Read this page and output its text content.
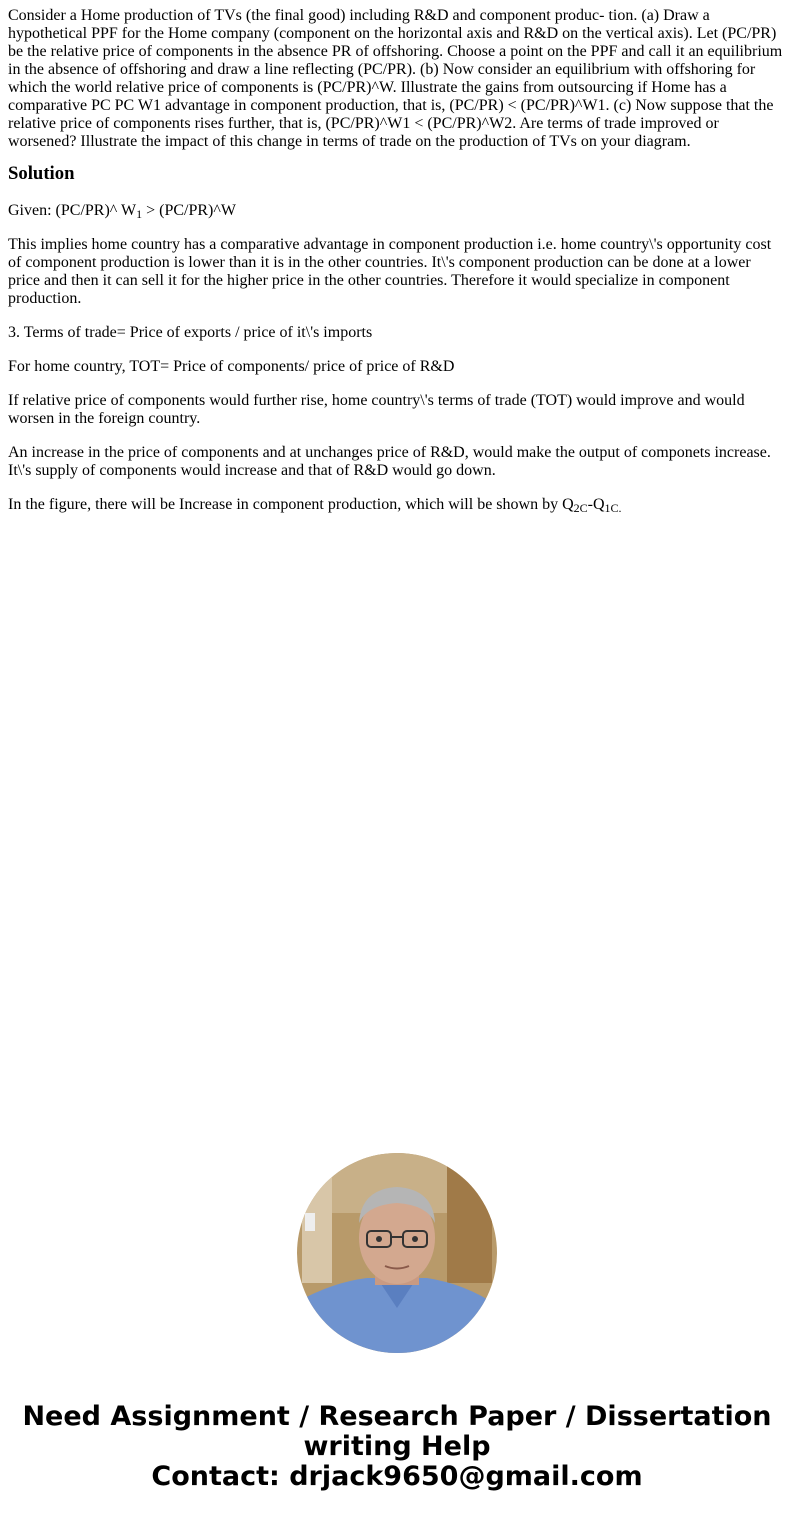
Consider a Home production of TVs (the final good) including R&D and component produc- tion. (a) Draw a hypothetical PPF for the Home company (component on the horizontal axis and R&D on the vertical axis). Let (PC/PR) be the relative price of components in the absence PR of offshoring. Choose a point on the PPF and call it an equilibrium in the absence of offshoring and draw a line reflecting (PC/PR). (b) Now consider an equilibrium with offshoring for which the world relative price of components is (PC/PR)^W. Illustrate the gains from outsourcing if Home has a comparative PC PC W1 advantage in component production, that is, (PC/PR) < (PC/PR)^W1. (c) Now suppose that the relative price of components rises further, that is, (PC/PR)^W1 < (PC/PR)^W2. Are terms of trade improved or worsened? Illustrate the impact of this change in terms of trade on the production of TVs on your diagram.

Solution

Given: (PC/PR)^ $W_1$ > (PC/PR)^W

This implies home country has a comparative advantage in component production i.e. home country\'s opportunity cost of component production is lower than it is in the other countries. It\'s component production can be done at a lower price and then it can sell it for the higher price in the other countries. Therefore it would specialize in component production.

3. Terms of trade= Price of exports / price of it\'s imports

For home country, TOT= Price of components/ price of price of R&D

If relative price of components would further rise, home country\'s terms of trade (TOT) would improve and would worsen in the foreign country.

An increase in the price of components and at unchanges price of R&D, would make the output of componets increase. It\'s supply of components would increase and that of R&D would go down.

In the figure, there will be Increase in component production, which will be shown by $Q_{2C}-Q_{1C.}$

Need Assignment / Research Paper / Dissertation
writing Help
Contact: drjack9650@gmail.com
